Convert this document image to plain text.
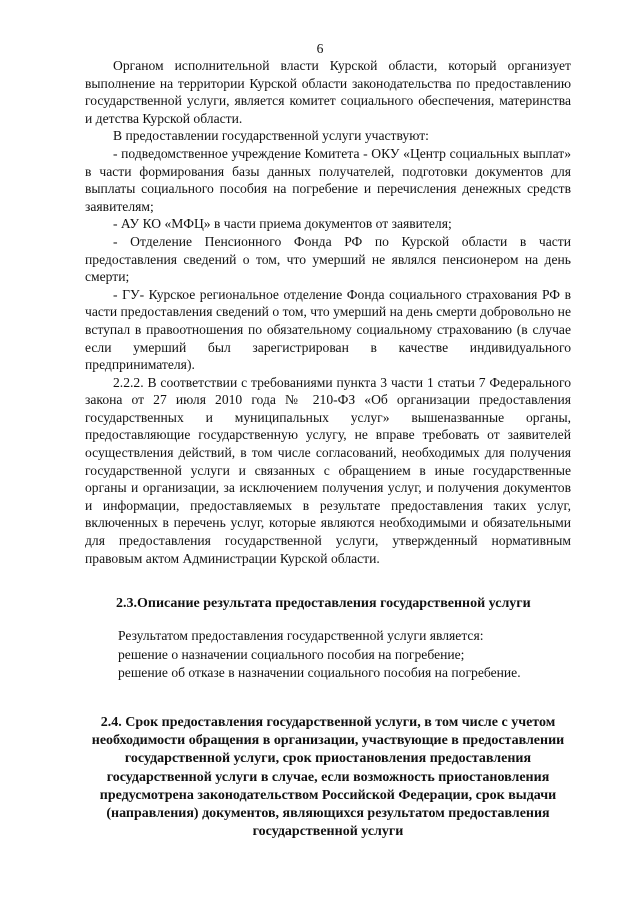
6

Органом исполнительной власти Курской области, который организует выполнение на территории Курской области законодательства по предоставлению государственной услуги, является комитет социального обеспечения, материнства и детства Курской области.

В предоставлении государственной услуги участвуют:

- подведомственное учреждение Комитета - ОКУ «Центр социальных выплат» в части формирования базы данных получателей, подготовки документов для выплаты социального пособия на погребение и перечисления денежных средств заявителям;

- АУ КО «МФЦ» в части приема документов от заявителя;

- Отделение Пенсионного Фонда РФ по Курской области в части предоставления сведений о том, что умерший не являлся пенсионером на день смерти;

- ГУ- Курское региональное отделение Фонда социального страхования РФ в части предоставления сведений о том, что умерший на день смерти добровольно не вступал в правоотношения по обязательному социальному страхованию (в случае если умерший был зарегистрирован в качестве индивидуального предпринимателя).

2.2.2. В соответствии с требованиями пункта 3 части 1 статьи 7 Федерального закона от 27 июля 2010 года № 210-ФЗ «Об организации предоставления государственных и муниципальных услуг» вышеназванные органы, предоставляющие государственную услугу, не вправе требовать от заявителей осуществления действий, в том числе согласований, необходимых для получения государственной услуги и связанных с обращением в иные государственные органы и организации, за исключением получения услуг, и получения документов и информации, предоставляемых в результате предоставления таких услуг, включенных в перечень услуг, которые являются необходимыми и обязательными для предоставления государственной услуги, утвержденный нормативным правовым актом Администрации Курской области.

2.3.Описание результата предоставления государственной услуги
Результатом предоставления государственной услуги является:
решение о назначении социального пособия на погребение;
решение об отказе в назначении социального пособия на погребение.
2.4. Срок предоставления государственной услуги, в том числе с учетом необходимости обращения в организации, участвующие в предоставлении государственной услуги, срок приостановления предоставления государственной услуги в случае, если возможность приостановления предусмотрена законодательством Российской Федерации, срок выдачи (направления) документов, являющихся результатом предоставления государственной услуги
